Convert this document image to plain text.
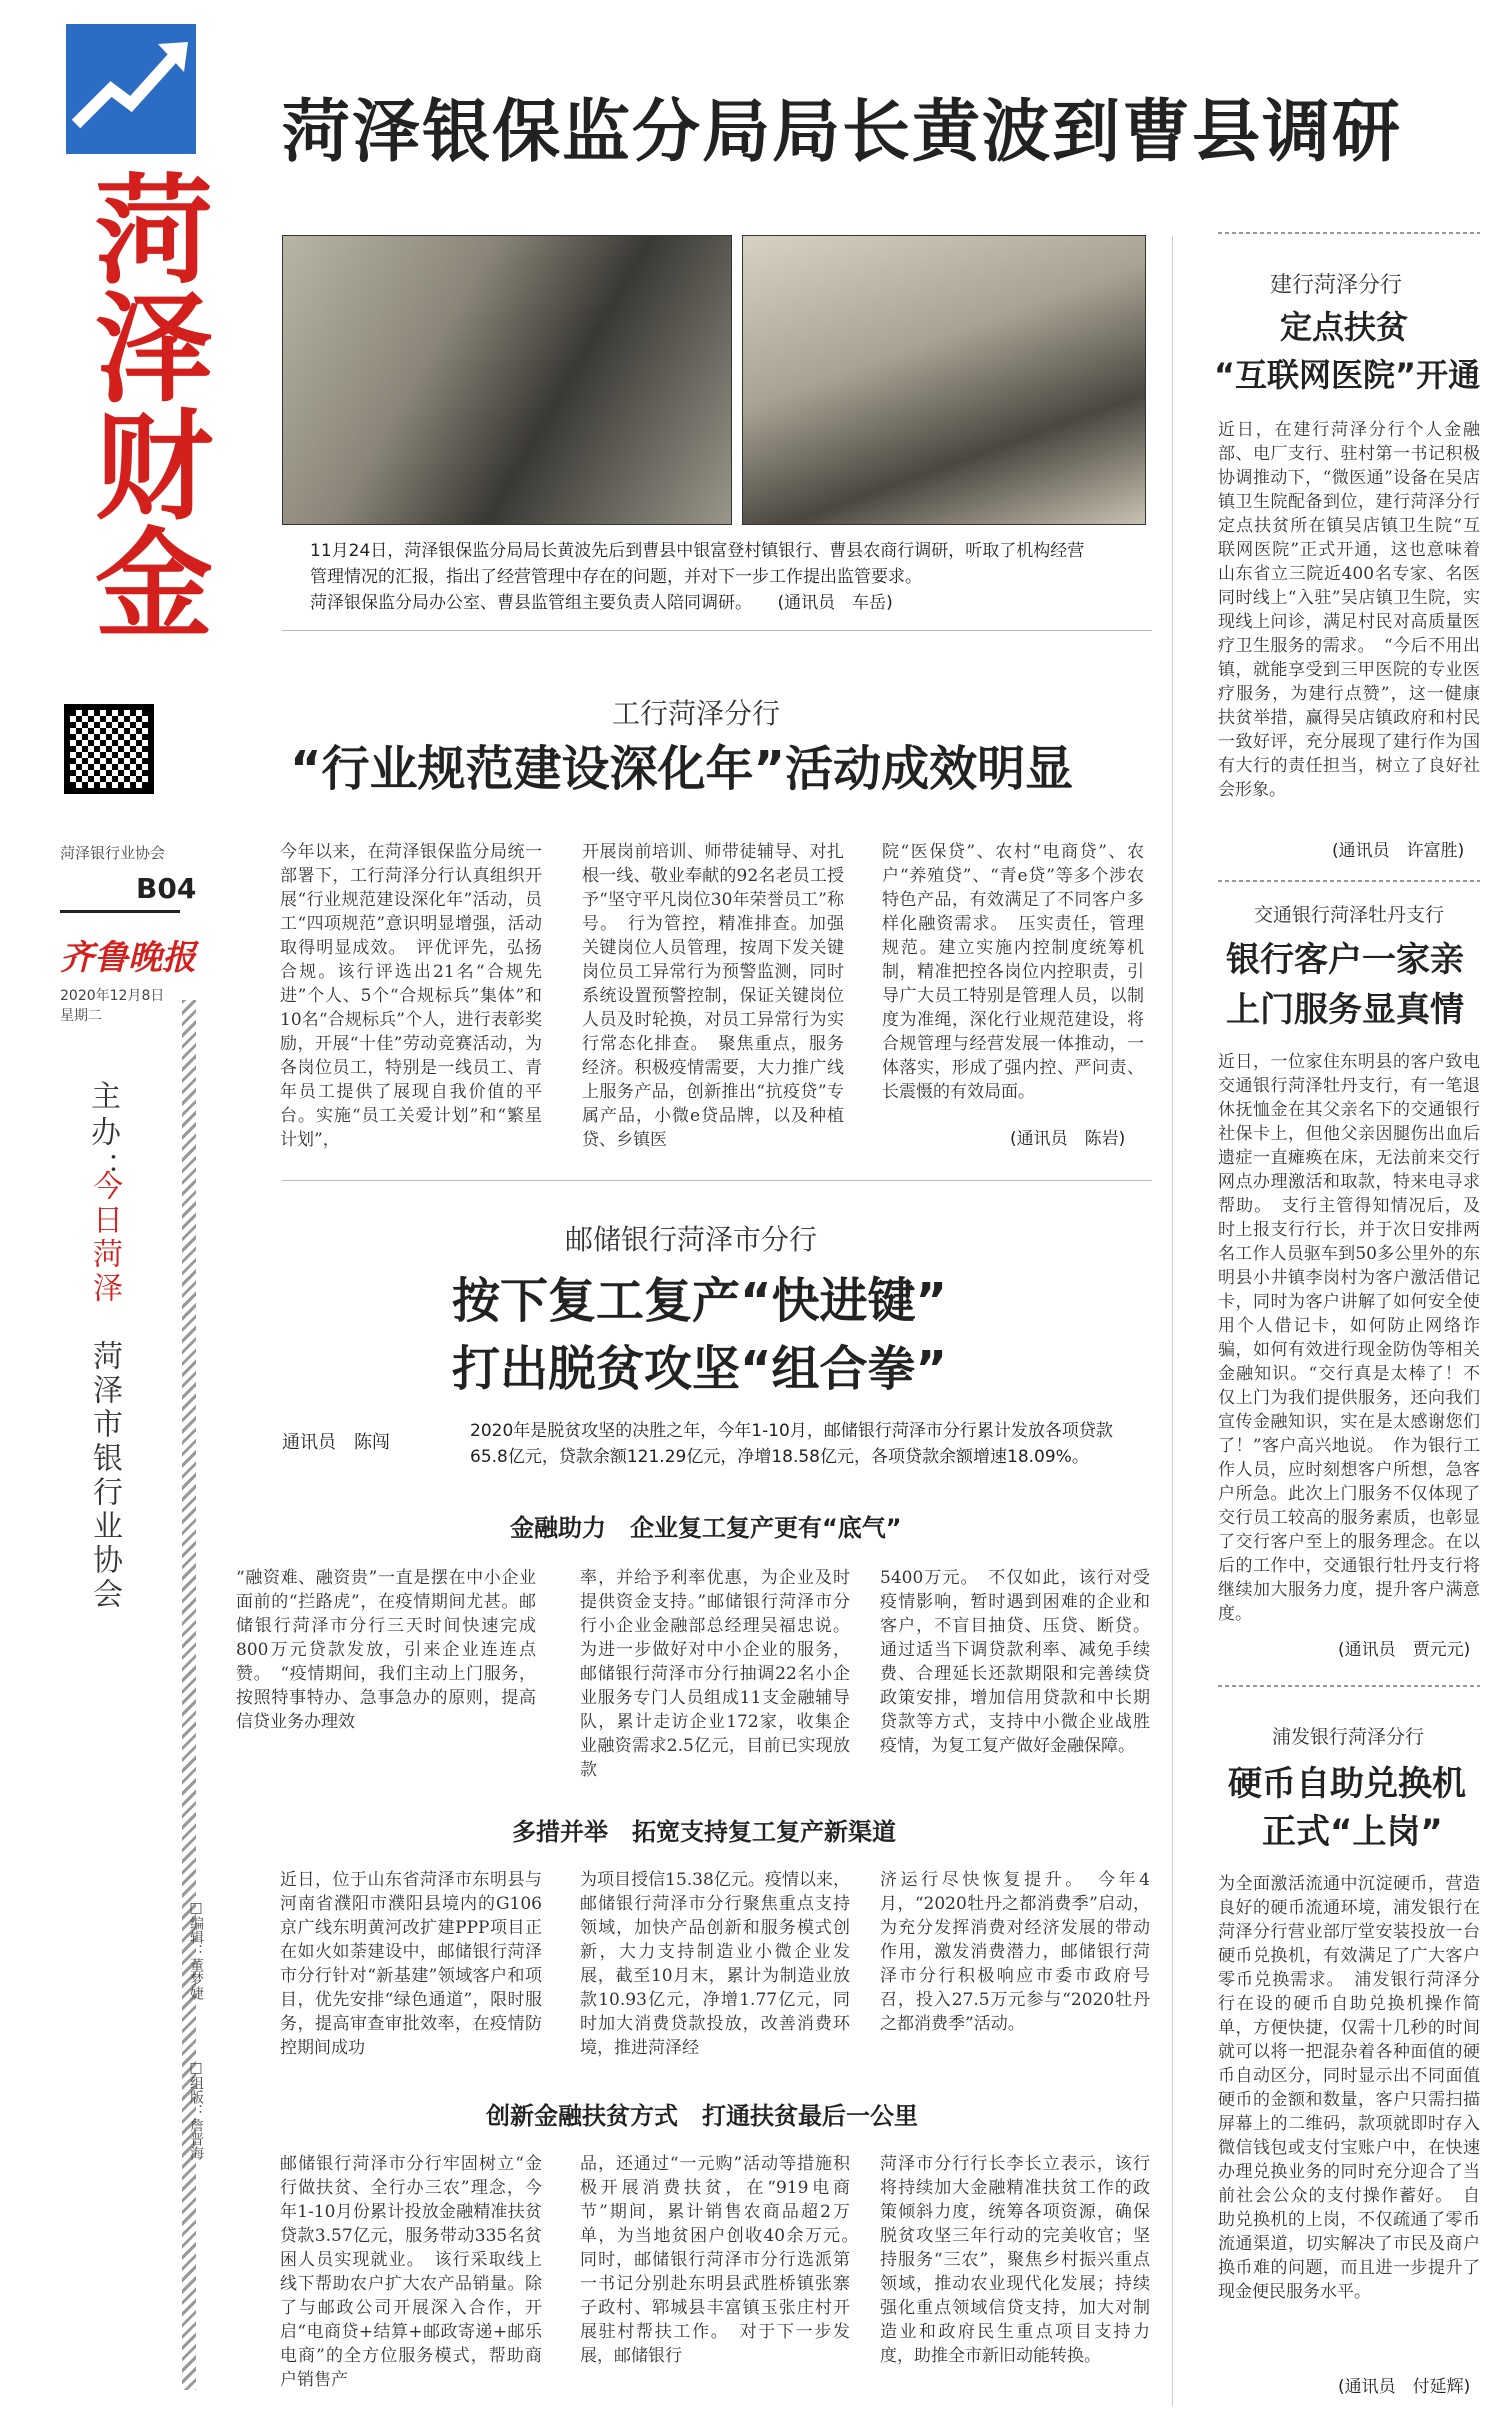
菏泽财金
菏泽银行业协会
B04
齐鲁晚报
2020年12月8日
星期二
主办：
今日菏泽
菏泽市银行业协会
□编辑：董梦婕
□组版：詹晋海
菏泽银保监分局局长黄波到曹县调研
11月24日，菏泽银保监分局局长黄波先后到曹县中银富登村镇银行、曹县农商行调研，听取了机构经营
管理情况的汇报，指出了经营管理中存在的问题，并对下一步工作提出监管要求。
菏泽银保监分局办公室、曹县监管组主要负责人陪同调研。　　 (通讯员　车岳)
工行菏泽分行
“行业规范建设深化年”活动成效明显
今年以来，在菏泽银保监分局统一部署下，工行菏泽分行认真组织开展“行业规范建设深化年”活动，员工“四项规范”意识明显增强，活动取得明显成效。　评优评先，弘扬合规。该行评选出21名“合规先进”个人、5个“合规标兵”集体”和10名“合规标兵”个人，进行表彰奖励，开展“十佳”劳动竞赛活动，为各岗位员工，特别是一线员工、青年员工提供了展现自我价值的平台。实施“员工关爱计划”和“繁星计划”，
开展岗前培训、师带徒辅导、对扎根一线、敬业奉献的92名老员工授予“坚守平凡岗位30年荣誉员工”称号。　行为管控，精准排查。加强关键岗位人员管理，按周下发关键岗位员工异常行为预警监测，同时系统设置预警控制，保证关键岗位人员及时轮换，对员工异常行为实行常态化排查。　聚焦重点，服务经济。积极疫情需要，大力推广线上服务产品，创新推出“抗疫贷”专属产品，小微e贷品牌，以及种植贷、乡镇医
院“医保贷”、农村“电商贷”、农户“养殖贷”、“青e贷”等多个涉农特色产品，有效满足了不同客户多样化融资需求。　压实责任，管理规范。建立实施内控制度统筹机制，精准把控各岗位内控职责，引导广大员工特别是管理人员，以制度为准绳，深化行业规范建设，将合规管理与经营发展一体推动，一体落实，形成了强内控、严问责、长震慑的有效局面。
(通讯员　陈岩)
邮储银行菏泽市分行
按下复工复产“快进键”
打出脱贫攻坚“组合拳”
通讯员　陈闯
2020年是脱贫攻坚的决胜之年，今年1-10月，邮储银行菏泽市分行累计发放各项贷款65.8亿元，贷款余额121.29亿元，净增18.58亿元，各项贷款余额增速18.09%。
金融助力　企业复工复产更有“底气”
“融资难、融资贵”一直是摆在中小企业面前的“拦路虎”，在疫情期间尤甚。邮储银行菏泽市分行三天时间快速完成800万元贷款发放，引来企业连连点赞。　“疫情期间，我们主动上门服务，按照特事特办、急事急办的原则，提高信贷业务办理效
率，并给予利率优惠，为企业及时提供资金支持。”邮储银行菏泽市分行小企业金融部总经理吴福忠说。为进一步做好对中小企业的服务，邮储银行菏泽市分行抽调22名小企业服务专门人员组成11支金融辅导队，累计走访企业172家，收集企业融资需求2.5亿元，目前已实现放款
5400万元。　不仅如此，该行对受疫情影响，暂时遇到困难的企业和客户，不盲目抽贷、压贷、断贷。通过适当下调贷款利率、减免手续费、合理延长还款期限和完善续贷政策安排，增加信用贷款和中长期贷款等方式，支持中小微企业战胜疫情，为复工复产做好金融保障。
多措并举　拓宽支持复工复产新渠道
近日，位于山东省菏泽市东明县与河南省濮阳市濮阳县境内的G106京广线东明黄河改扩建PPP项目正在如火如荼建设中，邮储银行菏泽市分行针对“新基建”领域客户和项目，优先安排“绿色通道”，限时服务，提高审查审批效率，在疫情防控期间成功
为项目授信15.38亿元。疫情以来，邮储银行菏泽市分行聚焦重点支持领域，加快产品创新和服务模式创新，大力支持制造业小微企业发展，截至10月末，累计为制造业放款10.93亿元，净增1.77亿元，同时加大消费贷款投放，改善消费环境，推进菏泽经
济运行尽快恢复提升。　今年4月，“2020牡丹之都消费季”启动，为充分发挥消费对经济发展的带动作用，激发消费潜力，邮储银行菏泽市分行积极响应市委市政府号召，投入27.5万元参与“2020牡丹之都消费季”活动。
创新金融扶贫方式　打通扶贫最后一公里
邮储银行菏泽市分行牢固树立“金行做扶贫、全行办三农”理念，今年1-10月份累计投放金融精准扶贫贷款3.57亿元，服务带动335名贫困人员实现就业。　该行采取线上线下帮助农户扩大农产品销量。除了与邮政公司开展深入合作，开启“电商贷+结算+邮政寄递+邮乐电商”的全方位服务模式，帮助商户销售产
品，还通过“一元购”活动等措施积极开展消费扶贫，在“919电商节”期间，累计销售农商品超2万单，为当地贫困户创收40余万元。　同时，邮储银行菏泽市分行选派第一书记分别赴东明县武胜桥镇张寨子政村、郓城县丰富镇玉张庄村开展驻村帮扶工作。　对于下一步发展，邮储银行
菏泽市分行行长李长立表示，该行将持续加大金融精准扶贫工作的政策倾斜力度，统筹各项资源，确保脱贫攻坚三年行动的完美收官；坚持服务“三农”，聚焦乡村振兴重点领域，推动农业现代化发展；持续强化重点领域信贷支持，加大对制造业和政府民生重点项目支持力度，助推全市新旧动能转换。
建行菏泽分行
定点扶贫
“互联网医院”开通
近日，在建行菏泽分行个人金融部、电厂支行、驻村第一书记积极协调推动下，“微医通”设备在吴店镇卫生院配备到位，建行菏泽分行定点扶贫所在镇吴店镇卫生院“互联网医院”正式开通，这也意味着山东省立三院近400名专家、名医同时线上“入驻”吴店镇卫生院，实现线上问诊，满足村民对高质量医疗卫生服务的需求。　“今后不用出镇，就能享受到三甲医院的专业医疗服务，为建行点赞”，这一健康扶贫举措，赢得吴店镇政府和村民一致好评，充分展现了建行作为国有大行的责任担当，树立了良好社会形象。
(通讯员　许富胜)
交通银行菏泽牡丹支行
银行客户一家亲
上门服务显真情
近日，一位家住东明县的客户致电交通银行菏泽牡丹支行，有一笔退休抚恤金在其父亲名下的交通银行社保卡上，但他父亲因腿伤出血后遗症一直瘫痪在床，无法前来交行网点办理激活和取款，特来电寻求帮助。　支行主管得知情况后，及时上报支行行长，并于次日安排两名工作人员驱车到50多公里外的东明县小井镇李岗村为客户激活借记卡，同时为客户讲解了如何安全使用个人借记卡，如何防止网络诈骗，如何有效进行现金防伪等相关金融知识。“交行真是太棒了！不仅上门为我们提供服务，还向我们宣传金融知识，实在是太感谢您们了！”客户高兴地说。　作为银行工作人员，应时刻想客户所想，急客户所急。此次上门服务不仅体现了交行员工较高的服务素质，也彰显了交行客户至上的服务理念。在以后的工作中，交通银行牡丹支行将继续加大服务力度，提升客户满意度。
(通讯员　贾元元)
浦发银行菏泽分行
硬币自助兑换机
正式“上岗”
为全面激活流通中沉淀硬币，营造良好的硬币流通环境，浦发银行在菏泽分行营业部厅堂安装投放一台硬币兑换机，有效满足了广大客户零币兑换需求。　浦发银行菏泽分行在设的硬币自助兑换机操作简单，方便快捷，仅需十几秒的时间就可以将一把混杂着各种面值的硬币自动区分，同时显示出不同面值硬币的金额和数量，客户只需扫描屏幕上的二维码，款项就即时存入微信钱包或支付宝账户中，在快速办理兑换业务的同时充分迎合了当前社会公众的支付操作蓄好。　自助兑换机的上岗，不仅疏通了零币流通渠道，切实解决了市民及商户换币难的问题，而且进一步提升了现金便民服务水平。
(通讯员　付延辉)
